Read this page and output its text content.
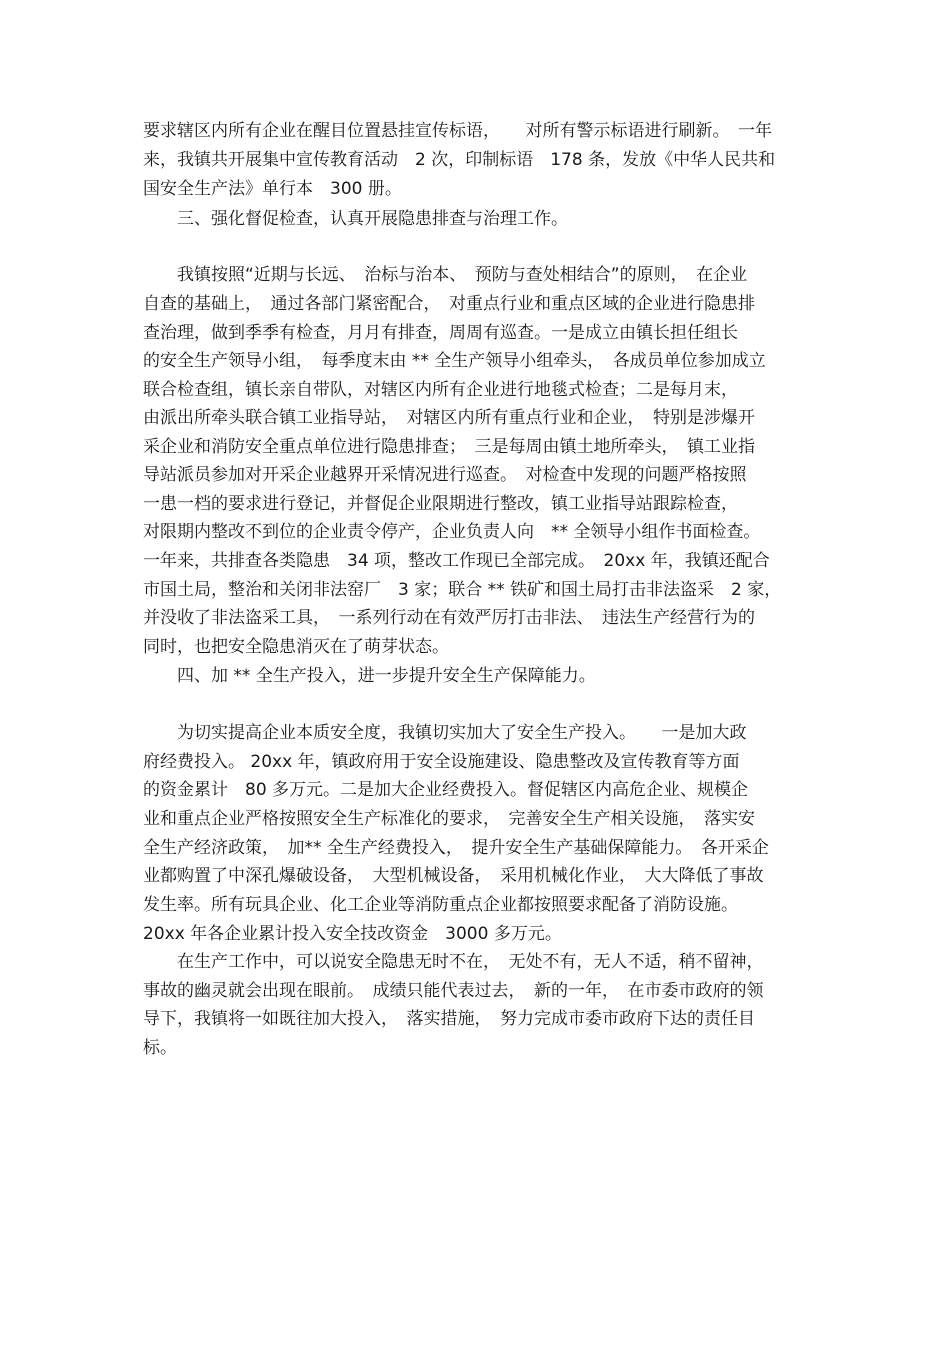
要求辖区内所有企业在醒目位置悬挂宣传标语，　　对所有警示标语进行刷新。　一年

来，我镇共开展集中宣传教育活动　2 次，印制标语　178 条，发放《中华人民共和

国安全生产法》单行本　300 册。

　　三、强化督促检查，认真开展隐患排查与治理工作。

　　我镇按照“近期与长远、　治标与治本、　预防与查处相结合”的原则，　在企业

自查的基础上，　通过各部门紧密配合，　对重点行业和重点区域的企业进行隐患排

查治理，做到季季有检查，月月有排查，周周有巡查。一是成立由镇长担任组长

的安全生产领导小组，　每季度末由 ** 全生产领导小组牵头，　各成员单位参加成立

联合检查组，镇长亲自带队，对辖区内所有企业进行地毯式检查；二是每月末，

由派出所牵头联合镇工业指导站，　对辖区内所有重点行业和企业，　特别是涉爆开

采企业和消防安全重点单位进行隐患排查；　三是每周由镇土地所牵头，　镇工业指

导站派员参加对开采企业越界开采情况进行巡查。　对检查中发现的问题严格按照

一患一档的要求进行登记，并督促企业限期进行整改，镇工业指导站跟踪检查，

对限期内整改不到位的企业责令停产，企业负责人向　** 全领导小组作书面检查。

一年来，共排查各类隐患　34 项，整改工作现已全部完成。　20xx 年，我镇还配合

市国土局，整治和关闭非法窑厂　3 家；联合 ** 铁矿和国土局打击非法盗采　2 家，

并没收了非法盗采工具，　一系列行动在有效严厉打击非法、　违法生产经营行为的

同时，也把安全隐患消灭在了萌芽状态。

　　四、加 ** 全生产投入，进一步提升安全生产保障能力。

　　为切实提高企业本质安全度，我镇切实加大了安全生产投入。　　一是加大政

府经费投入。 20xx 年，镇政府用于安全设施建设、隐患整改及宣传教育等方面

的资金累计　80 多万元。二是加大企业经费投入。督促辖区内高危企业、规模企

业和重点企业严格按照安全生产标准化的要求，　完善安全生产相关设施，　落实安

全生产经济政策，　加** 全生产经费投入，　提升安全生产基础保障能力。　各开采企

业都购置了中深孔爆破设备，　大型机械设备，　采用机械化作业，　大大降低了事故

发生率。所有玩具企业、化工企业等消防重点企业都按照要求配备了消防设施。

20xx 年各企业累计投入安全技改资金　3000 多万元。

　　在生产工作中，可以说安全隐患无时不在，　无处不有，无人不适，稍不留神，

事故的幽灵就会出现在眼前。　成绩只能代表过去，　新的一年，　在市委市政府的领

导下，我镇将一如既往加大投入，　落实措施，　努力完成市委市政府下达的责任目

标。
